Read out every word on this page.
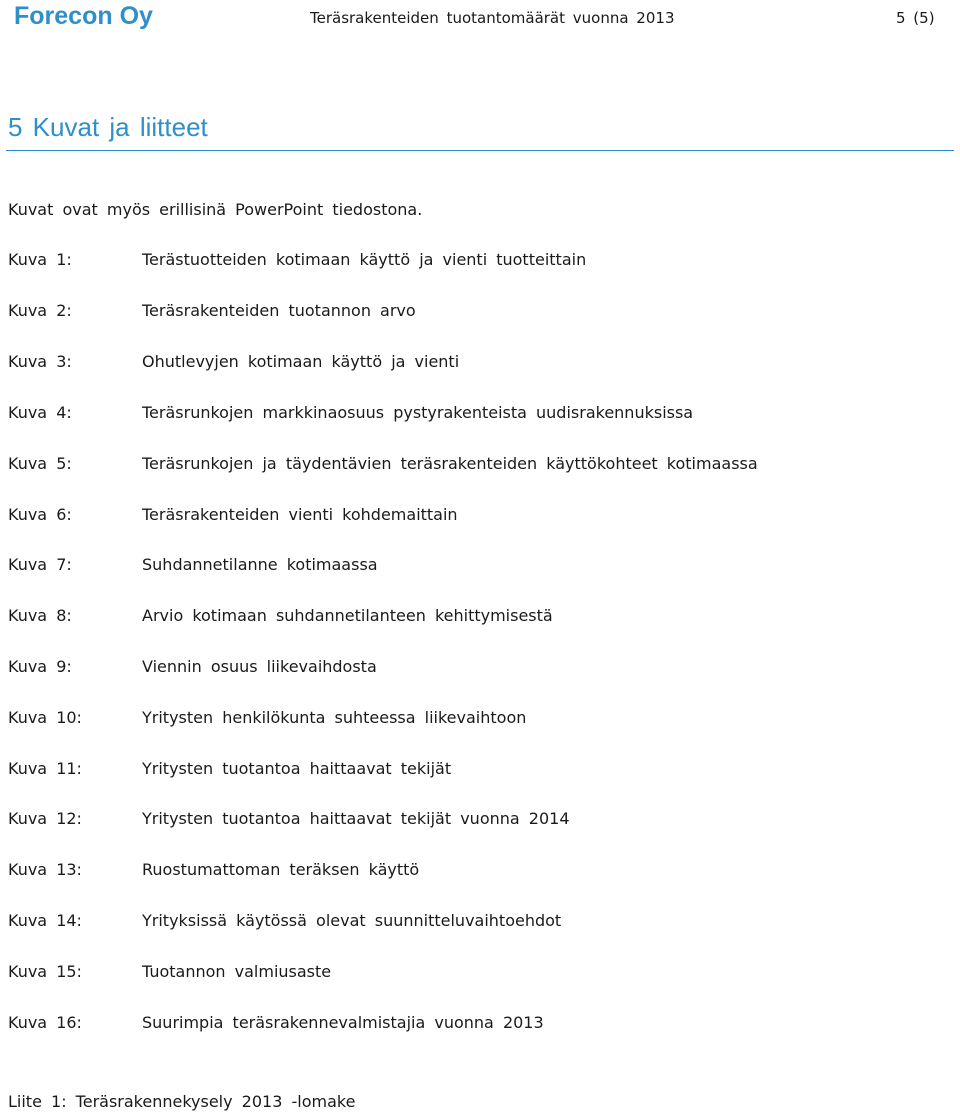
Forecon Oy	Teräsrakenteiden tuotantomäärät vuonna 2013	5 (5)
5 Kuvat ja liitteet
Kuvat ovat myös erillisinä PowerPoint tiedostona.
Kuva 1:	Terästuotteiden kotimaan käyttö ja vienti tuotteittain
Kuva 2:	Teräsrakenteiden tuotannon arvo
Kuva 3:	Ohutlevyjen kotimaan käyttö ja vienti
Kuva 4:	Teräsrunkojen markkinaosuus pystyrakenteista uudisrakennuksissa
Kuva 5:	Teräsrunkojen ja täydentävien teräsrakenteiden käyttökohteet kotimaassa
Kuva 6:	Teräsrakenteiden vienti kohdemaittain
Kuva 7:	Suhdannetilanne kotimaassa
Kuva 8:	Arvio kotimaan suhdannetilanteen kehittymisestä
Kuva 9:	Viennin osuus liikevaihdosta
Kuva 10:	Yritysten henkilökunta suhteessa liikevaihtoon
Kuva 11:	Yritysten tuotantoa haittaavat tekijät
Kuva 12:	Yritysten tuotantoa haittaavat tekijät vuonna 2014
Kuva 13:	Ruostumattoman teräksen käyttö
Kuva 14:	Yrityksissä käytössä olevat suunnitteluvaihtoehdot
Kuva 15:	Tuotannon valmiusaste
Kuva 16:	Suurimpia teräsrakennevalmistajia vuonna 2013
Liite 1: Teräsrakennekysely 2013 -lomake
